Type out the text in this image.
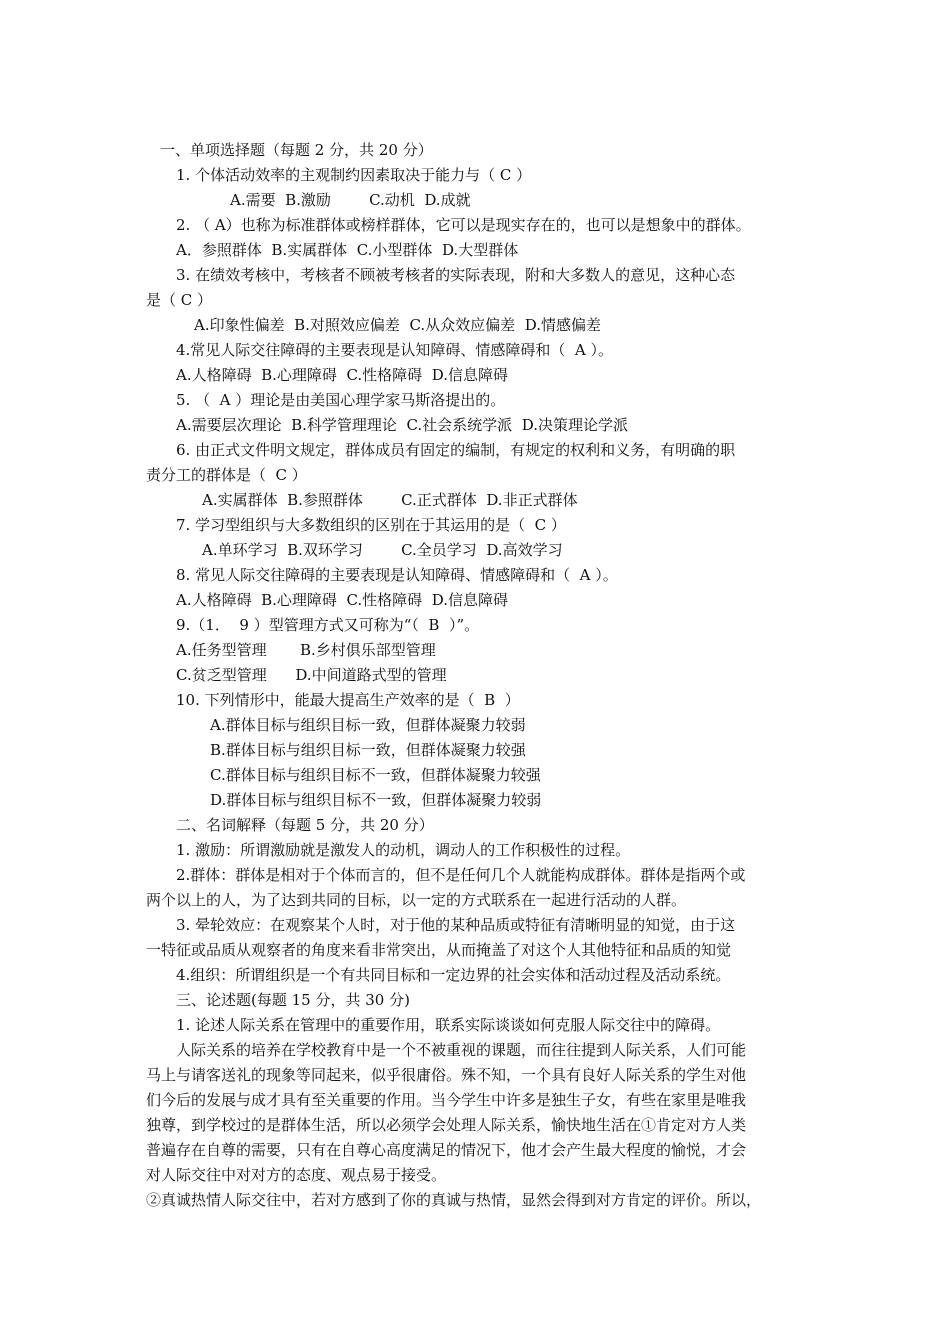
一、单项选择题（每题 2 分，共 20 分）
1. 个体活动效率的主观制约因素取决于能力与（ C ）
A.需要  B.激励        C.动机  D.成就
2. （ A）也称为标准群体或榜样群体，它可以是现实存在的，也可以是想象中的群体。
A．参照群体  B.实属群体  C.小型群体  D.大型群体
3. 在绩效考核中，考核者不顾被考核者的实际表现，附和大多数人的意见，这种心态
是（ C ）
A.印象性偏差  B.对照效应偏差  C.从众效应偏差  D.情感偏差
4.常见人际交往障碍的主要表现是认知障碍、情感障碍和（  A ）。
A.人格障碍  B.心理障碍  C.性格障碍  D.信息障碍
5. （  A ）理论是由美国心理学家马斯洛提出的。
A.需要层次理论  B.科学管理理论  C.社会系统学派  D.决策理论学派
6. 由正式文件明文规定，群体成员有固定的编制，有规定的权利和义务，有明确的职
责分工的群体是（  C ）
A.实属群体  B.参照群体        C.正式群体  D.非正式群体
7. 学习型组织与大多数组织的区别在于其运用的是（  C ）
A.单环学习  B.双环学习        C.全员学习  D.高效学习
8. 常见人际交往障碍的主要表现是认知障碍、情感障碍和（  A ）。
A.人格障碍  B.心理障碍  C.性格障碍  D.信息障碍
9.（1．  9 ）型管理方式又可称为“（  B  ）”。
A.任务型管理       B.乡村俱乐部型管理
C.贫乏型管理      D.中间道路式型的管理
10. 下列情形中，能最大提高生产效率的是（  B  ）
A.群体目标与组织目标一致，但群体凝聚力较弱
B.群体目标与组织目标一致，但群体凝聚力较强
C.群体目标与组织目标不一致，但群体凝聚力较强
D.群体目标与组织目标不一致，但群体凝聚力较弱
二、名词解释（每题 5 分，共 20 分）
1. 激励：所谓激励就是激发人的动机，调动人的工作积极性的过程。
2.群体：群体是相对于个体而言的，但不是任何几个人就能构成群体。群体是指两个或
两个以上的人，为了达到共同的目标，以一定的方式联系在一起进行活动的人群。
3. 晕轮效应：在观察某个人时，对于他的某种品质或特征有清晰明显的知觉，由于这
一特征或品质从观察者的角度来看非常突出，从而掩盖了对这个人其他特征和品质的知觉
4.组织：所谓组织是一个有共同目标和一定边界的社会实体和活动过程及活动系统。
三、论述题(每题 15 分，共 30 分)
1. 论述人际关系在管理中的重要作用，联系实际谈谈如何克服人际交往中的障碍。
人际关系的培养在学校教育中是一个不被重视的课题，而往往提到人际关系，人们可能
马上与请客送礼的现象等同起来，似乎很庸俗。殊不知，一个具有良好人际关系的学生对他
们今后的发展与成才具有至关重要的作用。当今学生中许多是独生子女，有些在家里是唯我
独尊，到学校过的是群体生活，所以必须学会处理人际关系，愉快地生活在①肯定对方人类
普遍存在自尊的需要，只有在自尊心高度满足的情况下，他才会产生最大程度的愉悦，才会
对人际交往中对对方的态度、观点易于接受。
②真诚热情人际交往中，若对方感到了你的真诚与热情，显然会得到对方肯定的评价。所以，
